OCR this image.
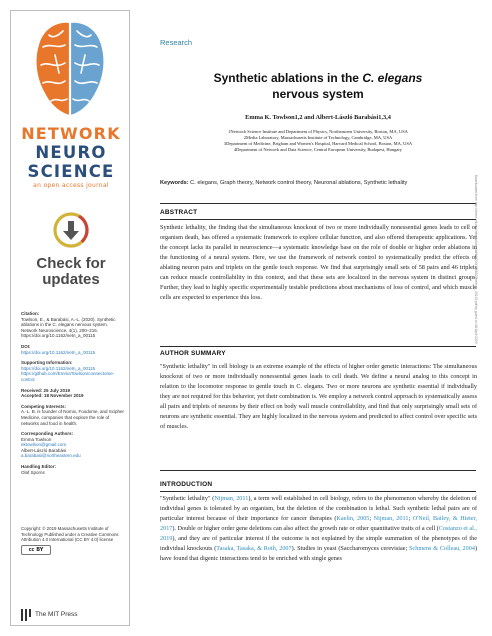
NETWORK
NEURO
SCIENCE
an open access journal
Check for
updates
Citation:
Towlson, E., & Barabási, A.-L. (2020). Synthetic ablations in the C. elegans nervous system. Network Neuroscience, 4(1), 200–216. https://doi.org/10.1162/netn_a_00115
DOI:
https://doi.org/10.1162/netn_a_00115
Supporting Information:
https://doi.org/10.1162/netn_a_00115 https://github.com/EmmaTowlson/connectome-control
Received: 25 July 2019
Accepted: 18 November 2019
Competing Interests:
A.-L. B. is founder of Nomix, Foodome, and Scipher Medicine, companies that explore the role of networks and food in health.
Corresponding Authors:
Emma Towlson
ektowlson@gmail.com
Albert-László Barabási
a.barabasi@northeastern.edu
Handling Editor:
Olaf Sporns
Copyright: © 2019 Massachusetts Institute of Technology Published under a Creative Commons Attribution 4.0 International (CC BY 4.0) license
cc BY
The MIT Press
Research
Synthetic ablations in the C. elegans
nervous system
Emma K. Towlson1,2 and Albert-László Barabási1,3,4
1Network Science Institute and Department of Physics, Northeastern University, Boston, MA, USA
2Media Laboratory, Massachusetts Institute of Technology, Cambridge, MA, USA
3Department of Medicine, Brigham and Women's Hospital, Harvard Medical School, Boston, MA, USA
4Department of Network and Data Science, Central European University, Budapest, Hungary
Keywords: C. elegans, Graph theory, Network control theory, Neuronal ablations, Synthetic lethality
ABSTRACT

Synthetic lethality, the finding that the simultaneous knockout of two or more individually nonessential genes leads to cell or organism death, has offered a systematic framework to explore cellular function, and also offered therapeutic applications. Yet the concept lacks its parallel in neuroscience—a systematic knowledge base on the role of double or higher order ablations in the functioning of a neural system. Here, we use the framework of network control to systematically predict the effects of ablating neuron pairs and triplets on the gentle touch response. We find that surprisingly small sets of 58 pairs and 46 triplets can reduce muscle controllability in this context, and that these sets are localized in the nervous system in distinct groups. Further, they lead to highly specific experimentally testable predictions about mechanisms of loss of control, and which muscle cells are expected to experience this loss.

AUTHOR SUMMARY

"Synthetic lethality" in cell biology is an extreme example of the effects of higher order genetic interactions: The simultaneous knockout of two or more individually nonessential genes leads to cell death. We define a neural analog to this concept in relation to the locomotor response to gentle touch in C. elegans. Two or more neurons are synthetic essential if individually they are not required for this behavior, yet their combination is. We employ a network control approach to systematically assess all pairs and triplets of neurons by their effect on body wall muscle controllability, and find that only surprisingly small sets of neurons are synthetic essential. They are highly localized in the nervous system and predicted to affect control over specific sets of muscles.

INTRODUCTION

"Synthetic lethality" (Nijman, 2011), a term well established in cell biology, refers to the phenomenon whereby the deletion of individual genes is tolerated by an organism, but the deletion of the combination is lethal. Such synthetic lethal pairs are of particular interest because of their importance for cancer therapies (Kaelin, 2005; Nijman, 2011; O'Neil, Bailey, & Hieter, 2017). Double or higher order gene deletions can also affect the growth rate or other quantitative traits of a cell (Costanzo et al., 2019), and they are of particular interest if the outcome is not explained by the simple summation of the phenotypes of the individual knockouts (Tasaka, Tasaka, & Roth, 2007). Studies in yeast (Saccharomyces cerevisiae; Schmens & Colleau, 2004) have found that digenic interactions tend to be enriched with single genes

Downloaded from http://direct.mit.edu/netn/article-pdf/4/1/200/1866520/netn_a_00115.pdf by guest on 08 April 2020
